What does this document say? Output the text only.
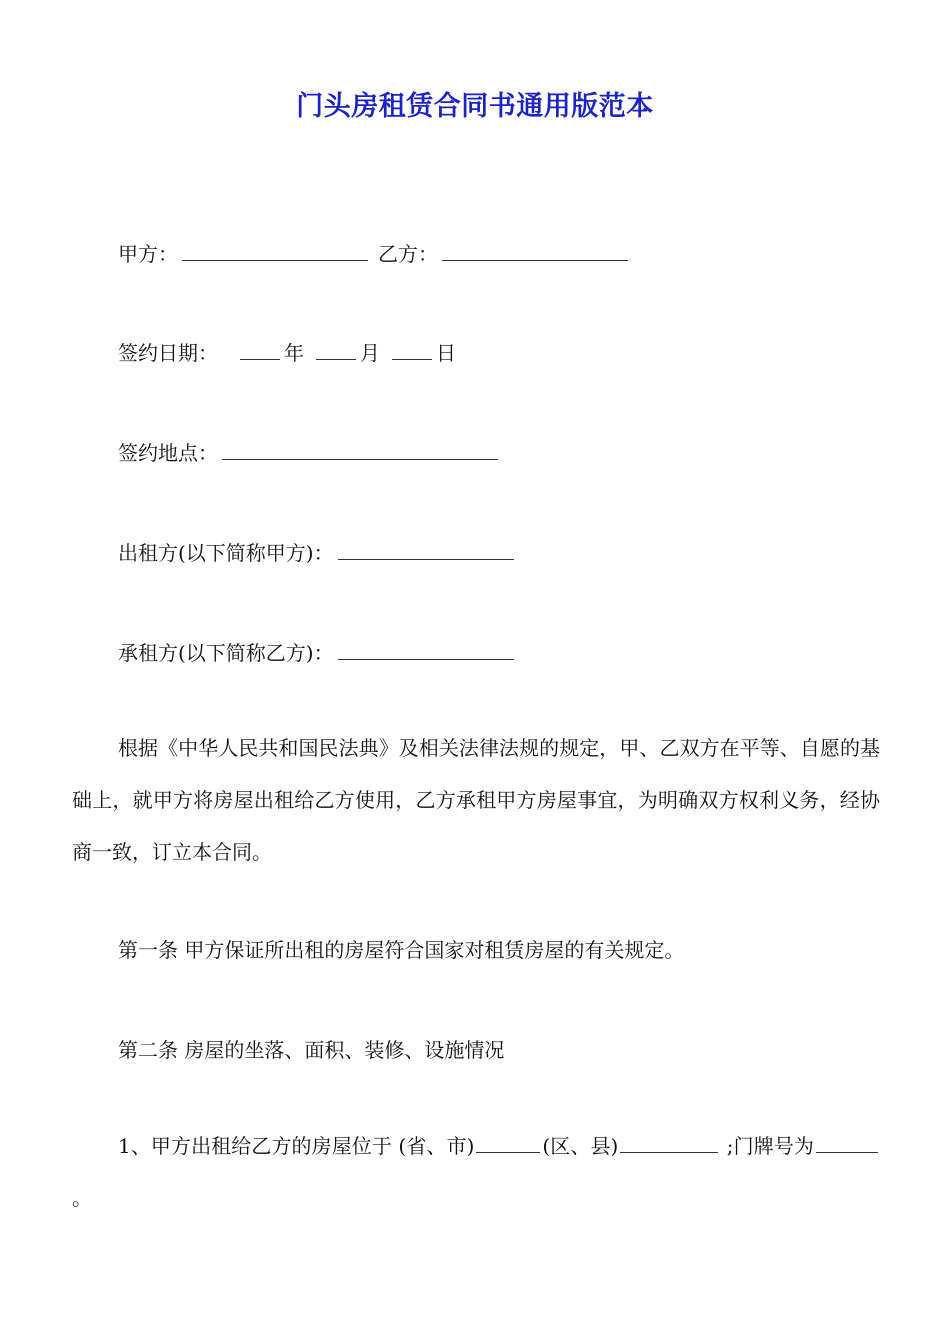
门头房租赁合同书通用版范本
甲方：	乙方：
签约日期：	年	月	日
签约地点：
出租方(以下简称甲方)：
承租方(以下简称乙方)：
根据《中华人民共和国民法典》及相关法律法规的规定，甲、乙双方在平等、自愿的基础上，就甲方将房屋出租给乙方使用，乙方承租甲方房屋事宜，为明确双方权利义务，经协商一致，订立本合同。
第一条 甲方保证所出租的房屋符合国家对租赁房屋的有关规定。
第二条 房屋的坐落、面积、装修、设施情况
1、甲方出租给乙方的房屋位于 (省、市)	(区、县)	;门牌号为。
